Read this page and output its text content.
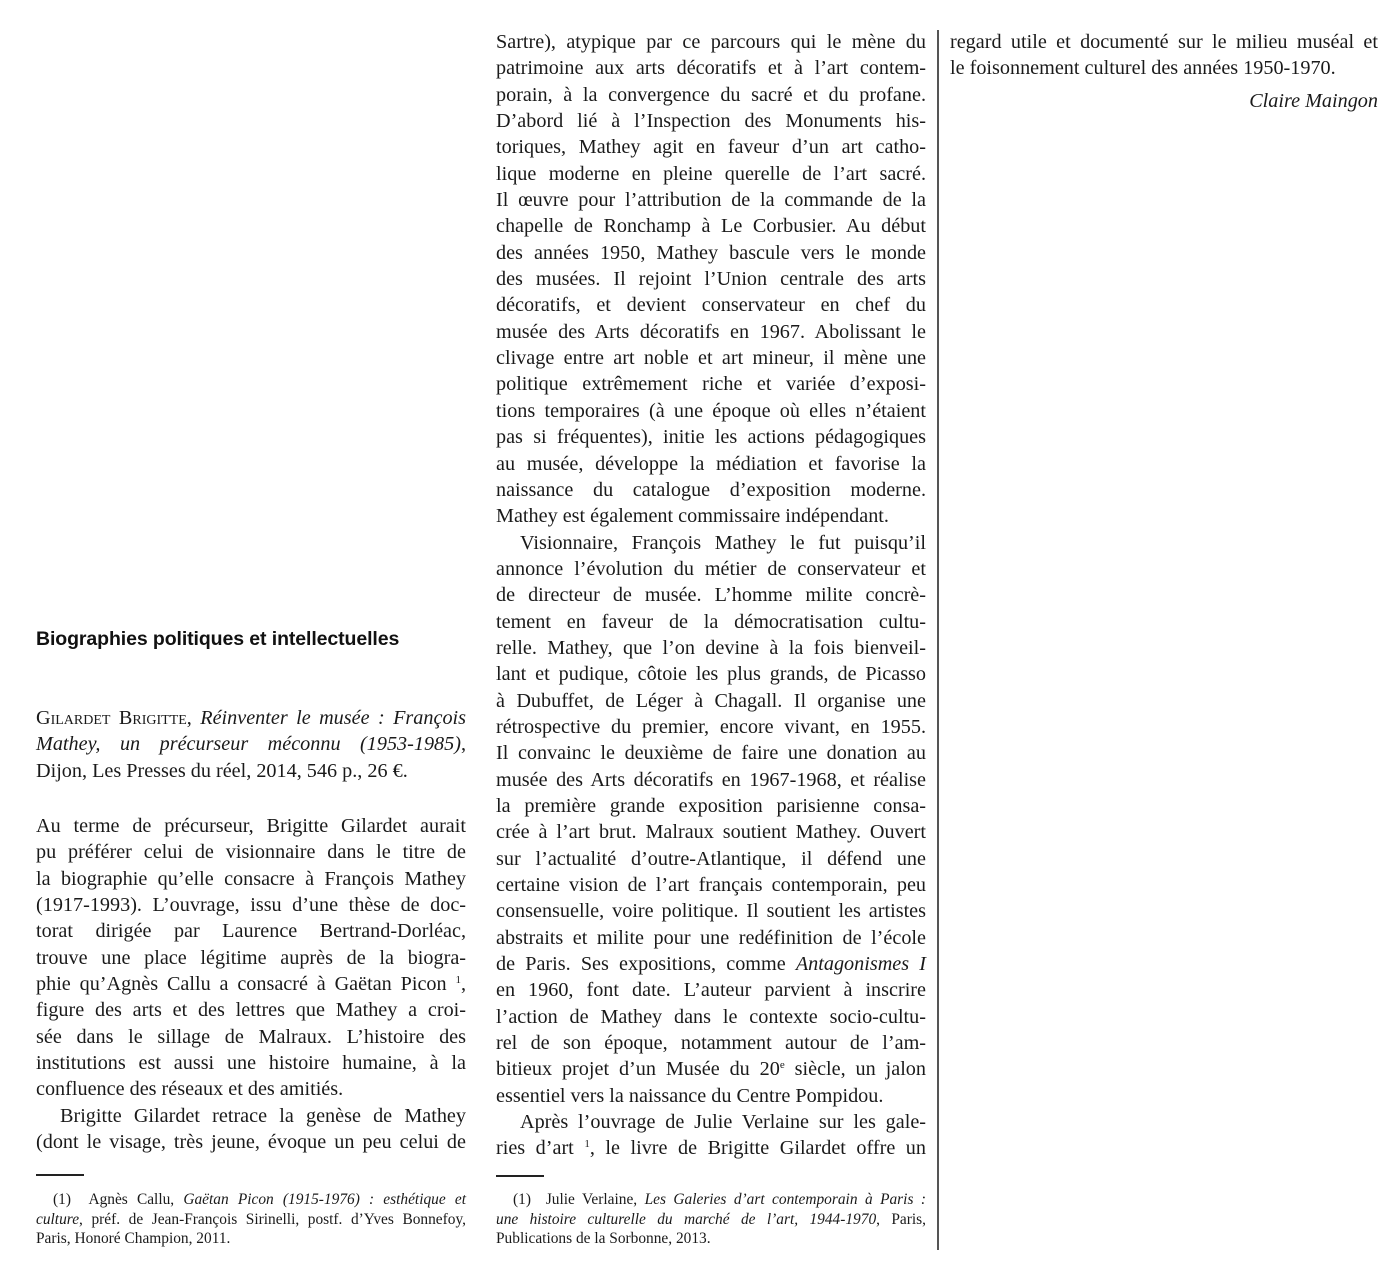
Biographies politiques et intellectuelles
Gilardet Brigitte, Réinventer le musée : François
Mathey, un précurseur méconnu (1953-1985),
Dijon, Les Presses du réel, 2014, 546 p., 26 €.
Au terme de précurseur, Brigitte Gilardet aurait
pu préférer celui de visionnaire dans le titre de
la biographie qu’elle consacre à François Mathey
(1917-1993). L’ouvrage, issu d’une thèse de doc-
torat dirigée par Laurence Bertrand-Dorléac,
trouve une place légitime auprès de la biogra-
phie qu’Agnès Callu a consacré à Gaëtan Picon $^1$,
figure des arts et des lettres que Mathey a croi-
sée dans le sillage de Malraux. L’histoire des
institutions est aussi une histoire humaine, à la
confluence des réseaux et des amitiés.
Brigitte Gilardet retrace la genèse de Mathey
(dont le visage, très jeune, évoque un peu celui de
(1) Agnès Callu, Gaëtan Picon (1915-1976) : esthétique et
culture, préf. de Jean-François Sirinelli, postf. d’Yves Bonnefoy,
Paris, Honoré Champion, 2011.
Sartre), atypique par ce parcours qui le mène du
patrimoine aux arts décoratifs et à l’art contem-
porain, à la convergence du sacré et du profane.
D’abord lié à l’Inspection des Monuments his-
toriques, Mathey agit en faveur d’un art catho-
lique moderne en pleine querelle de l’art sacré.
Il œuvre pour l’attribution de la commande de la
chapelle de Ronchamp à Le Corbusier. Au début
des années 1950, Mathey bascule vers le monde
des musées. Il rejoint l’Union centrale des arts
décoratifs, et devient conservateur en chef du
musée des Arts décoratifs en 1967. Abolissant le
clivage entre art noble et art mineur, il mène une
politique extrêmement riche et variée d’exposi-
tions temporaires (à une époque où elles n’étaient
pas si fréquentes), initie les actions pédagogiques
au musée, développe la médiation et favorise la
naissance du catalogue d’exposition moderne.
Mathey est également commissaire indépendant.
Visionnaire, François Mathey le fut puisqu’il
annonce l’évolution du métier de conservateur et
de directeur de musée. L’homme milite concrè-
tement en faveur de la démocratisation cultu-
relle. Mathey, que l’on devine à la fois bienveil-
lant et pudique, côtoie les plus grands, de Picasso
à Dubuffet, de Léger à Chagall. Il organise une
rétrospective du premier, encore vivant, en 1955.
Il convainc le deuxième de faire une donation au
musée des Arts décoratifs en 1967-1968, et réalise
la première grande exposition parisienne consa-
crée à l’art brut. Malraux soutient Mathey. Ouvert
sur l’actualité d’outre-Atlantique, il défend une
certaine vision de l’art français contemporain, peu
consensuelle, voire politique. Il soutient les artistes
abstraits et milite pour une redéfinition de l’école
de Paris. Ses expositions, comme Antagonismes I
en 1960, font date. L’auteur parvient à inscrire
l’action de Mathey dans le contexte socio-cultu-
rel de son époque, notamment autour de l’am-
bitieux projet d’un Musée du 20e siècle, un jalon
essentiel vers la naissance du Centre Pompidou.
Après l’ouvrage de Julie Verlaine sur les gale-
ries d’art $^1$, le livre de Brigitte Gilardet offre un
(1) Julie Verlaine, Les Galeries d’art contemporain à Paris :
une histoire culturelle du marché de l’art, 1944-1970, Paris,
Publications de la Sorbonne, 2013.
regard utile et documenté sur le milieu muséal et
le foisonnement culturel des années 1950-1970.
Claire Maingon
